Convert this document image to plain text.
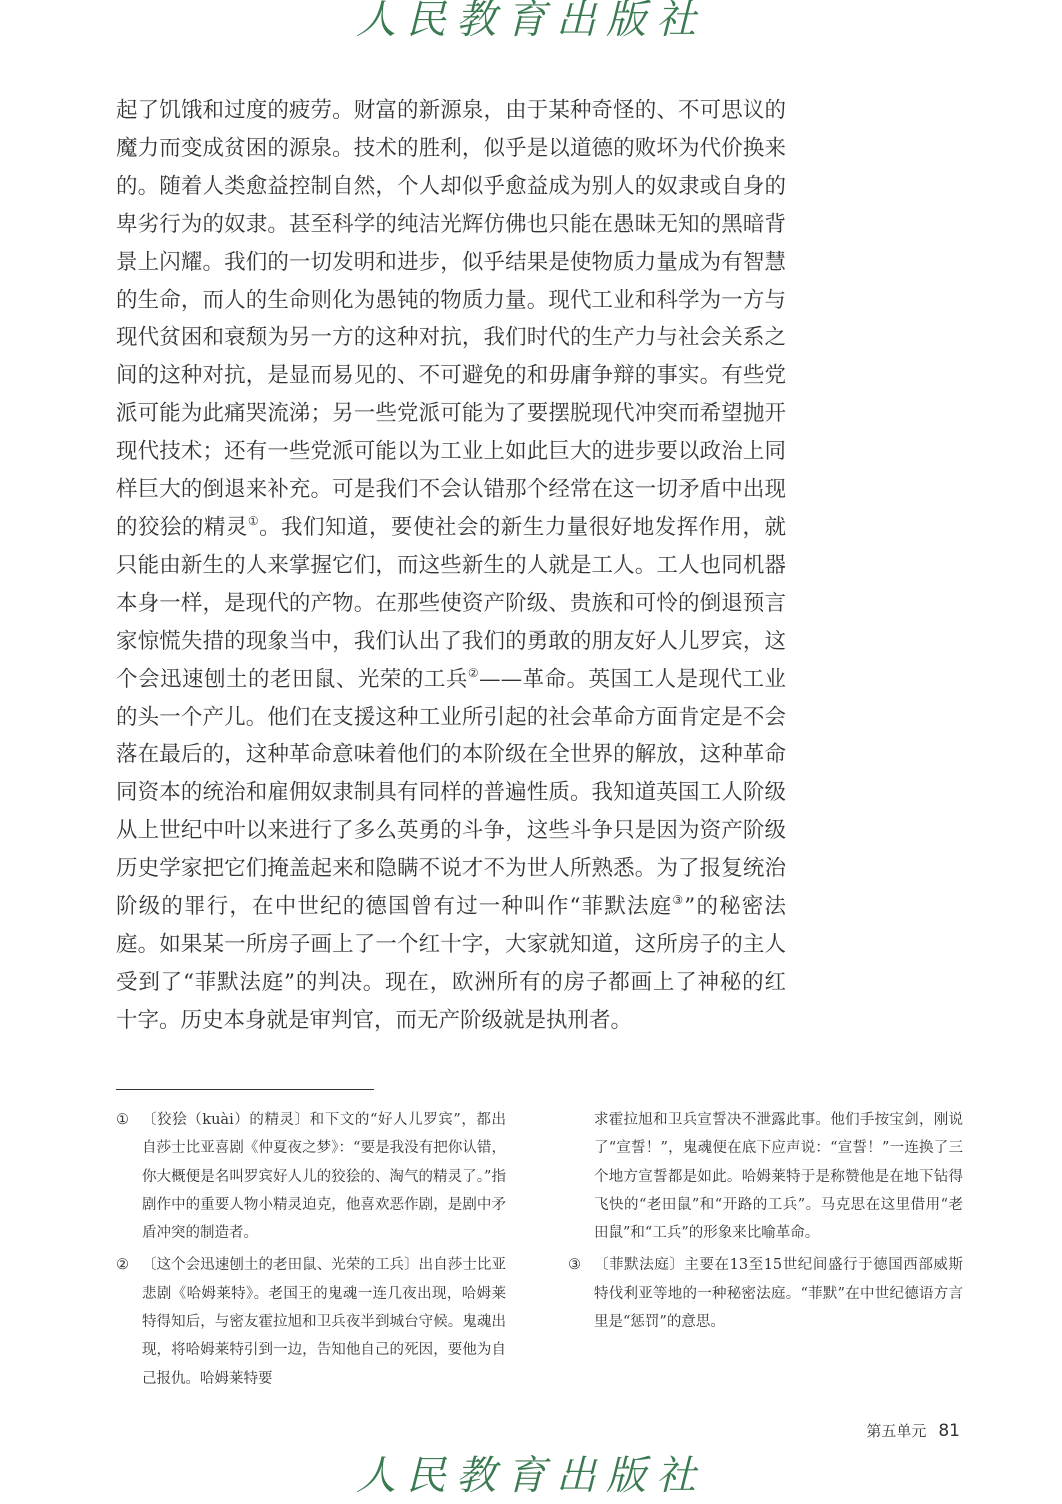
人民教育出版社
起了饥饿和过度的疲劳。财富的新源泉，由于某种奇怪的、不可思议的
魔力而变成贫困的源泉。技术的胜利，似乎是以道德的败坏为代价换来
的。随着人类愈益控制自然，个人却似乎愈益成为别人的奴隶或自身的
卑劣行为的奴隶。甚至科学的纯洁光辉仿佛也只能在愚昧无知的黑暗背
景上闪耀。我们的一切发明和进步，似乎结果是使物质力量成为有智慧
的生命，而人的生命则化为愚钝的物质力量。现代工业和科学为一方与
现代贫困和衰颓为另一方的这种对抗，我们时代的生产力与社会关系之
间的这种对抗，是显而易见的、不可避免的和毋庸争辩的事实。有些党
派可能为此痛哭流涕；另一些党派可能为了要摆脱现代冲突而希望抛开
现代技术；还有一些党派可能以为工业上如此巨大的进步要以政治上同
样巨大的倒退来补充。可是我们不会认错那个经常在这一切矛盾中出现
的狡狯的精灵①。我们知道，要使社会的新生力量很好地发挥作用，就
只能由新生的人来掌握它们，而这些新生的人就是工人。工人也同机器
本身一样，是现代的产物。在那些使资产阶级、贵族和可怜的倒退预言
家惊慌失措的现象当中，我们认出了我们的勇敢的朋友好人儿罗宾，这
个会迅速刨土的老田鼠、光荣的工兵②——革命。英国工人是现代工业
的头一个产儿。他们在支援这种工业所引起的社会革命方面肯定是不会
落在最后的，这种革命意味着他们的本阶级在全世界的解放，这种革命
同资本的统治和雇佣奴隶制具有同样的普遍性质。我知道英国工人阶级
从上世纪中叶以来进行了多么英勇的斗争，这些斗争只是因为资产阶级
历史学家把它们掩盖起来和隐瞒不说才不为世人所熟悉。为了报复统治
阶级的罪行，在中世纪的德国曾有过一种叫作“菲默法庭③”的秘密法
庭。如果某一所房子画上了一个红十字，大家就知道，这所房子的主人
受到了“菲默法庭”的判决。现在，欧洲所有的房子都画上了神秘的红
十字。历史本身就是审判官，而无产阶级就是执刑者。
① 〔狡狯（kuài）的精灵〕和下文的“好人儿罗宾”，都出自莎士比亚喜剧《仲夏夜之梦》：“要是我没有把你认错，你大概便是名叫罗宾好人儿的狡狯的、淘气的精灵了。”指剧作中的重要人物小精灵迫克，他喜欢恶作剧，是剧中矛盾冲突的制造者。
② 〔这个会迅速刨土的老田鼠、光荣的工兵〕出自莎士比亚悲剧《哈姆莱特》。老国王的鬼魂一连几夜出现，哈姆莱特得知后，与密友霍拉旭和卫兵夜半到城台守候。鬼魂出现，将哈姆莱特引到一边，告知他自己的死因，要他为自己报仇。哈姆莱特要
求霍拉旭和卫兵宣誓决不泄露此事。他们手按宝剑，刚说了“宣誓！”，鬼魂便在底下应声说：“宣誓！”一连换了三个地方宣誓都是如此。哈姆莱特于是称赞他是在地下钻得飞快的“老田鼠”和“开路的工兵”。马克思在这里借用“老田鼠”和“工兵”的形象来比喻革命。
③ 〔菲默法庭〕主要在13至15世纪间盛行于德国西部威斯特伐利亚等地的一种秘密法庭。“菲默”在中世纪德语方言里是“惩罚”的意思。
第五单元 81
人民教育出版社
